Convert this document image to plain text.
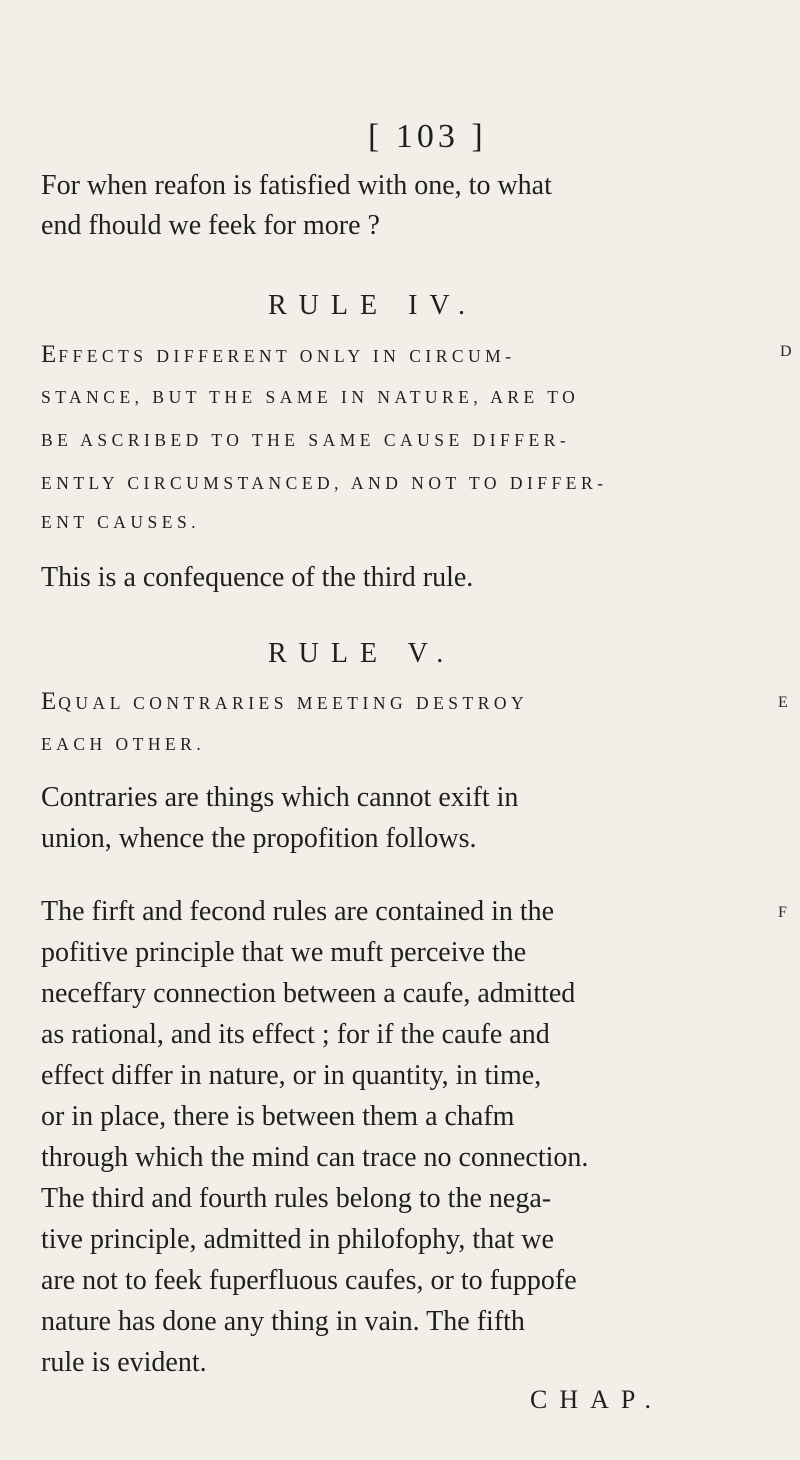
[ 103 ]
For when reafon is fatisfied with one, to what
end fhould we feek for more ?
RULE IV.
EFFECTS DIFFERENT ONLY IN CIRCUM-
STANCE, BUT THE SAME IN NATURE, ARE TO
BE ASCRIBED TO THE SAME CAUSE DIFFER-
ENTLY CIRCUMSTANCED, AND NOT TO DIFFER-
ENT CAUSES.
D
This is a confequence of the third rule.
RULE V.
EQUAL CONTRARIES MEETING DESTROY
EACH OTHER.
E
Contraries are things which cannot exift in
union, whence the propofition follows.
The firft and fecond rules are contained in the
pofitive principle that we muft perceive the
neceffary connection between a caufe, admitted
as rational, and its effect ; for if the caufe and
effect differ in nature, or in quantity, in time,
or in place, there is between them a chafm
through which the mind can trace no connection.
The third and fourth rules belong to the nega-
tive principle, admitted in philofophy, that we
are not to feek fuperfluous caufes, or to fuppofe
nature has done any thing in vain. The fifth
rule is evident.
F
CHAP.
